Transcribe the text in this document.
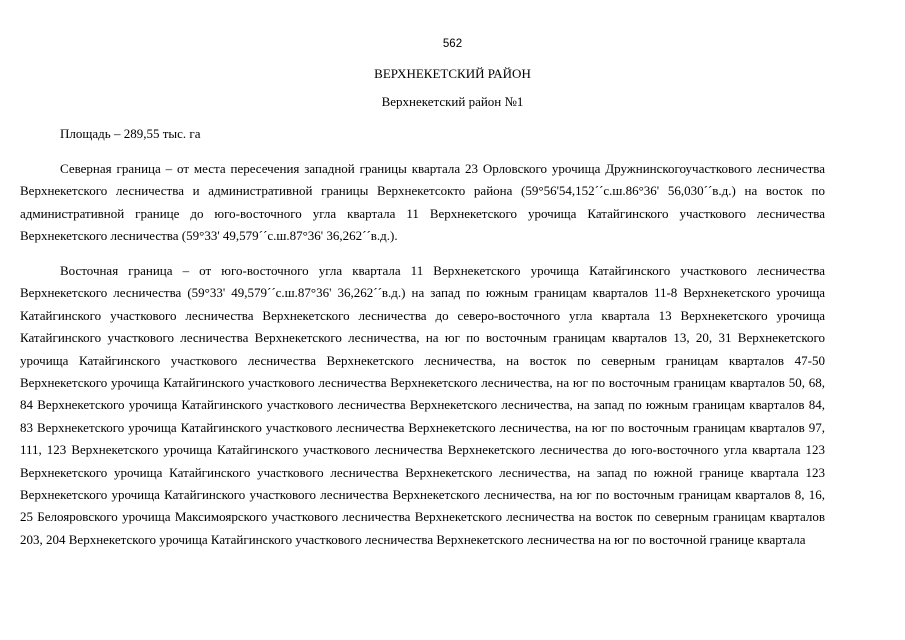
562
ВЕРХНЕКЕТСКИЙ РАЙОН
Верхнекетский район №1
Площадь – 289,55 тыс. га

Северная граница – от места пересечения западной границы квартала 23 Орловского урочища Дружнинскогоучасткового лесничества Верхнекетского лесничества и административной границы Верхнекетсокто района (59°56'54,152´´с.ш.86°36' 56,030´´в.д.) на восток по административной границе до юго-восточного угла квартала 11 Верхнекетского урочища Катайгинского участкового лесничества Верхнекетского лесничества (59°33' 49,579´´с.ш.87°36' 36,262´´в.д.).

Восточная граница – от юго-восточного угла квартала 11 Верхнекетского урочища Катайгинского участкового лесничества Верхнекетского лесничества (59°33' 49,579´´с.ш.87°36' 36,262´´в.д.) на запад по южным границам кварталов 11-8 Верхнекетского урочища Катайгинского участкового лесничества Верхнекетского лесничества до северо-восточного угла квартала 13 Верхнекетского урочища Катайгинского участкового лесничества Верхнекетского лесничества, на юг по восточным границам кварталов 13, 20, 31 Верхнекетского урочища Катайгинского участкового лесничества Верхнекетского лесничества, на восток по северным границам кварталов 47-50 Верхнекетского урочища Катайгинского участкового лесничества Верхнекетского лесничества, на юг по восточным границам кварталов 50, 68, 84 Верхнекетского урочища Катайгинского участкового лесничества Верхнекетского лесничества, на запад по южным границам кварталов 84, 83 Верхнекетского урочища Катайгинского участкового лесничества Верхнекетского лесничества, на юг по восточным границам кварталов 97, 111, 123 Верхнекетского урочища Катайгинского участкового лесничества Верхнекетского лесничества до юго-восточного угла квартала 123 Верхнекетского урочища Катайгинского участкового лесничества Верхнекетского лесничества, на запад по южной границе квартала 123 Верхнекетского урочища Катайгинского участкового лесничества Верхнекетского лесничества, на юг по восточным границам кварталов 8, 16, 25 Белояровского урочища Максимоярского участкового лесничества Верхнекетского лесничества на восток по северным границам кварталов 203, 204 Верхнекетского урочища Катайгинского участкового лесничества Верхнекетского лесничества на юг по восточной границе квартала
